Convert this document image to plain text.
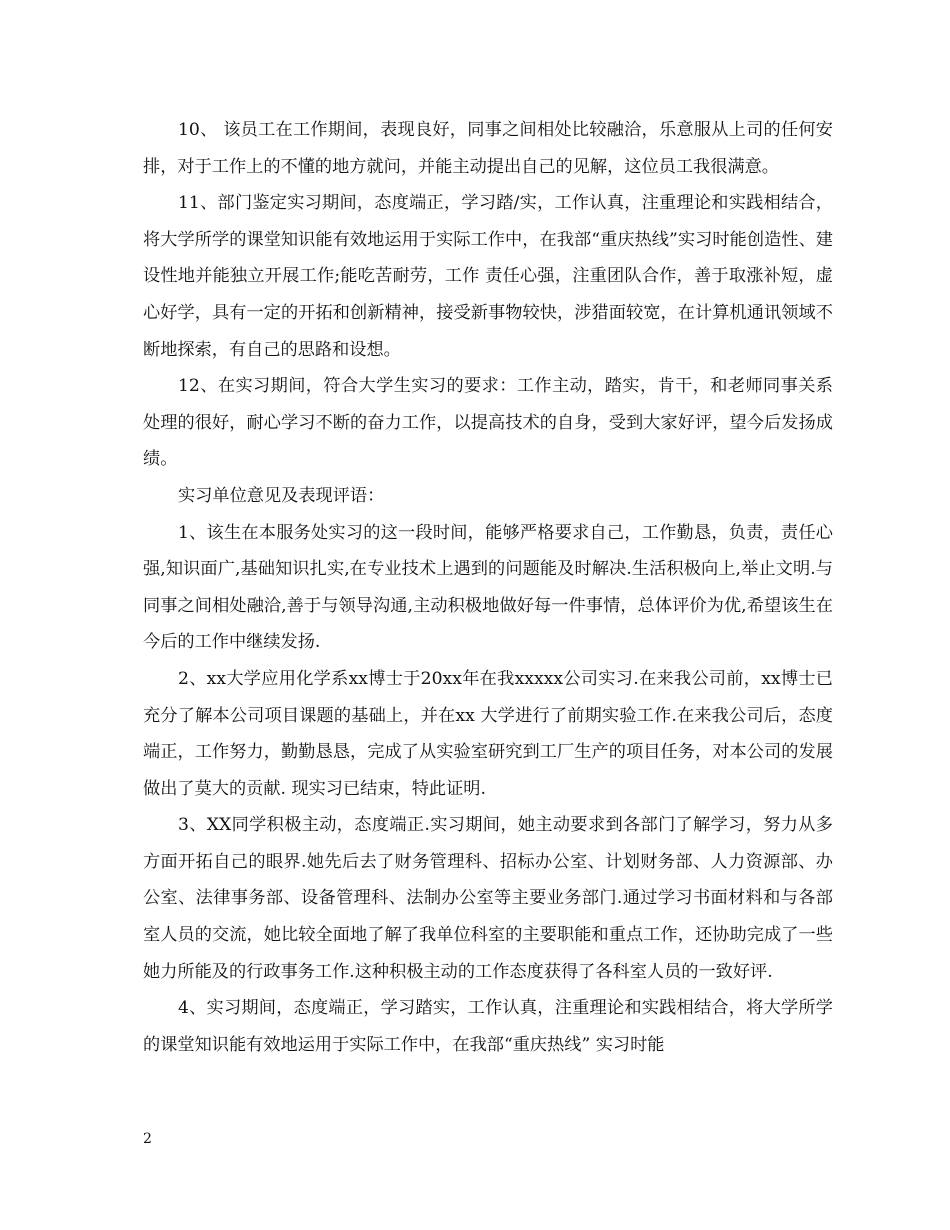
10、 该员工在工作期间，表现良好，同事之间相处比较融洽，乐意服从上司的任何安排，对于工作上的不懂的地方就问，并能主动提出自己的见解，这位员工我很满意。

11、部门鉴定实习期间，态度端正，学习踏/实，工作认真，注重理论和实践相结合，将大学所学的课堂知识能有效地运用于实际工作中，在我部“重庆热线”实习时能创造性、建设性地并能独立开展工作;能吃苦耐劳，工作 责任心强，注重团队合作，善于取涨补短，虚心好学，具有一定的开拓和创新精神，接受新事物较快，涉猎面较宽，在计算机通讯领域不断地探索，有自己的思路和设想。

12、在实习期间，符合大学生实习的要求：工作主动，踏实，肯干，和老师同事关系处理的很好，耐心学习不断的奋力工作，以提高技术的自身，受到大家好评，望今后发扬成绩。

实习单位意见及表现评语：

1、该生在本服务处实习的这一段时间，能够严格要求自己，工作勤恳，负责，责任心强,知识面广,基础知识扎实,在专业技术上遇到的问题能及时解决.生活积极向上,举止文明.与同事之间相处融洽,善于与领导沟通,主动积极地做好每一件事情，总体评价为优,希望该生在今后的工作中继续发扬.

2、xx大学应用化学系xx博士于20xx年在我xxxxx公司实习.在来我公司前，xx博士已充分了解本公司项目课题的基础上，并在xx 大学进行了前期实验工作.在来我公司后，态度端正，工作努力，勤勤恳恳，完成了从实验室研究到工厂生产的项目任务，对本公司的发展做出了莫大的贡献. 现实习已结束，特此证明.

3、XX同学积极主动，态度端正.实习期间，她主动要求到各部门了解学习，努力从多方面开拓自己的眼界.她先后去了财务管理科、招标办公室、计划财务部、人力资源部、办公室、法律事务部、设备管理科、法制办公室等主要业务部门.通过学习书面材料和与各部室人员的交流，她比较全面地了解了我单位科室的主要职能和重点工作，还协助完成了一些她力所能及的行政事务工作.这种积极主动的工作态度获得了各科室人员的一致好评.

4、实习期间，态度端正，学习踏实，工作认真，注重理论和实践相结合，将大学所学的课堂知识能有效地运用于实际工作中，在我部“重庆热线” 实习时能

2
